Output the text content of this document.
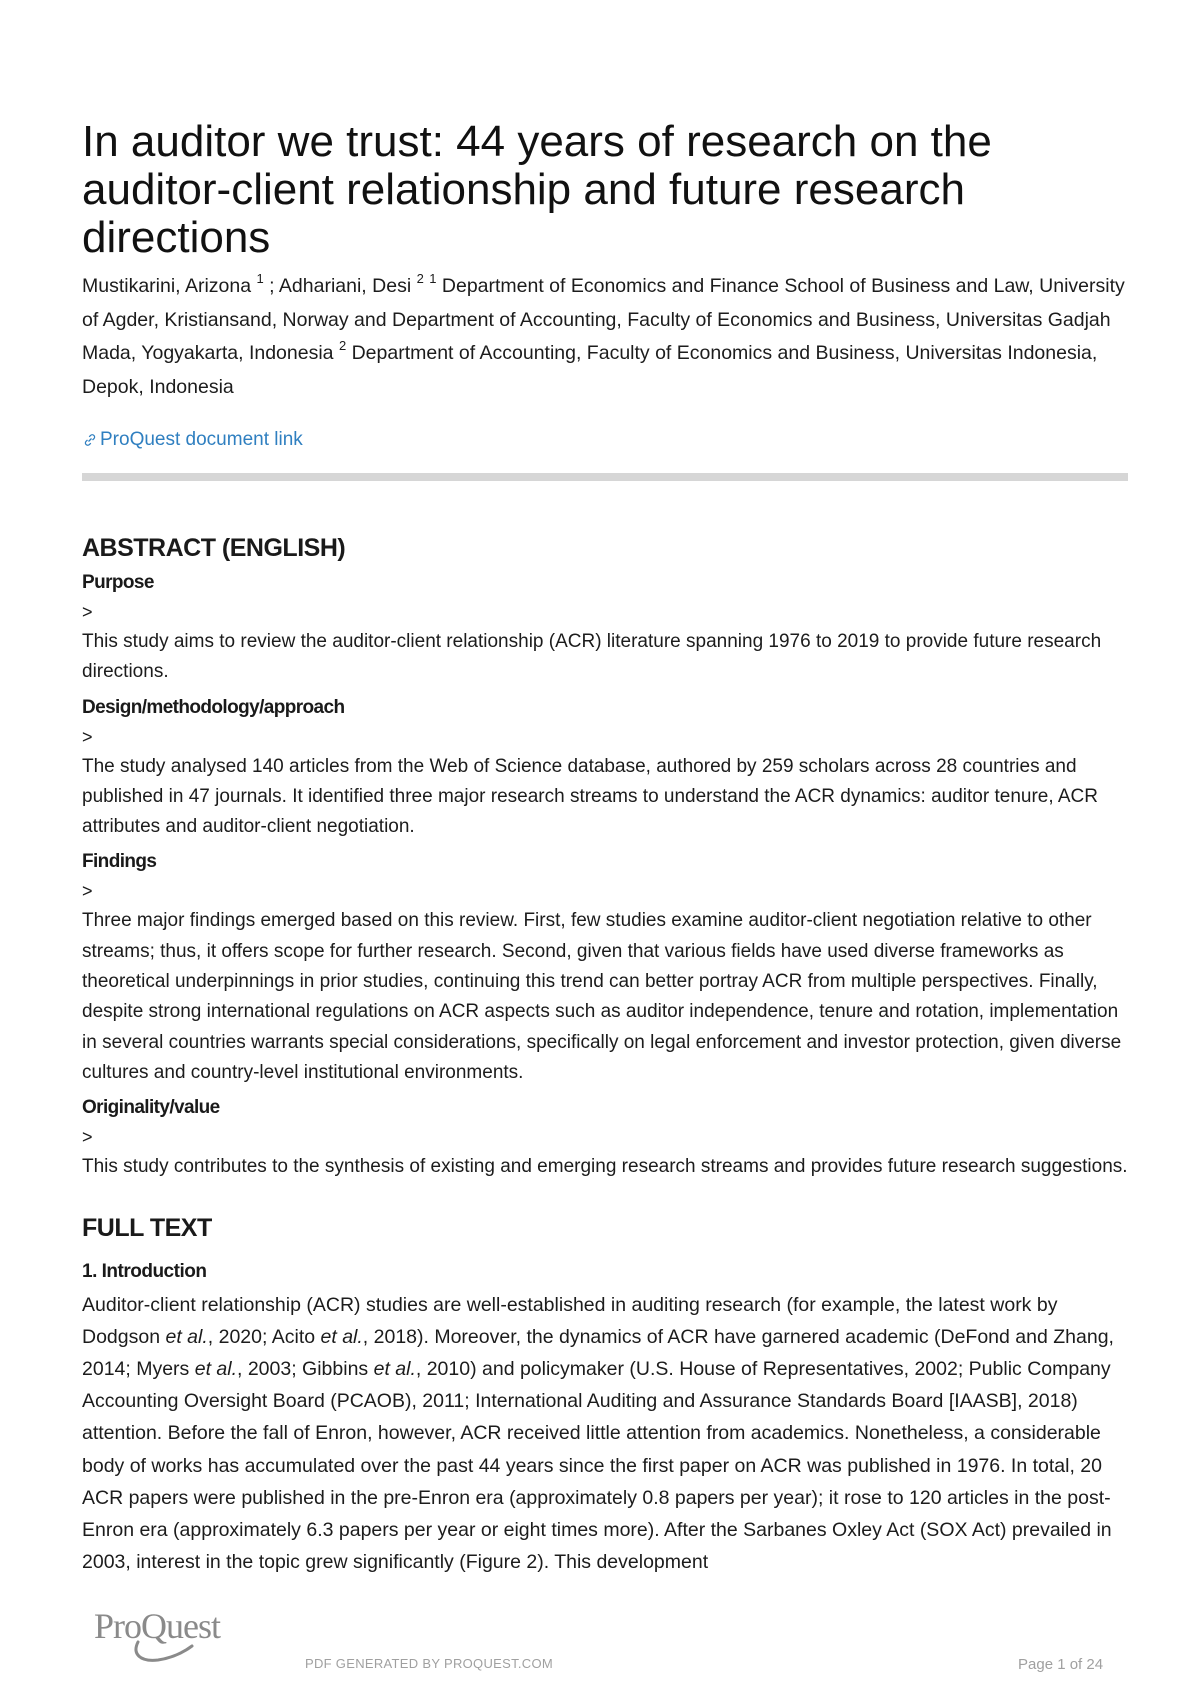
In auditor we trust: 44 years of research on the auditor-client relationship and future research directions
Mustikarini, Arizona $^1$ ; Adhariani, Desi $^2$ $^1$ Department of Economics and Finance School of Business and Law, University of Agder, Kristiansand, Norway and Department of Accounting, Faculty of Economics and Business, Universitas Gadjah Mada, Yogyakarta, Indonesia $^2$ Department of Accounting, Faculty of Economics and Business, Universitas Indonesia, Depok, Indonesia
ProQuest document link
ABSTRACT (ENGLISH)
Purpose
>

This study aims to review the auditor-client relationship (ACR) literature spanning 1976 to 2019 to provide future research directions.

Design/methodology/approach
>

The study analysed 140 articles from the Web of Science database, authored by 259 scholars across 28 countries and published in 47 journals. It identified three major research streams to understand the ACR dynamics: auditor tenure, ACR attributes and auditor-client negotiation.

Findings
>

Three major findings emerged based on this review. First, few studies examine auditor-client negotiation relative to other streams; thus, it offers scope for further research. Second, given that various fields have used diverse frameworks as theoretical underpinnings in prior studies, continuing this trend can better portray ACR from multiple perspectives. Finally, despite strong international regulations on ACR aspects such as auditor independence, tenure and rotation, implementation in several countries warrants special considerations, specifically on legal enforcement and investor protection, given diverse cultures and country-level institutional environments.

Originality/value
>

This study contributes to the synthesis of existing and emerging research streams and provides future research suggestions.

FULL TEXT
1. Introduction

Auditor-client relationship (ACR) studies are well-established in auditing research (for example, the latest work by Dodgson et al., 2020; Acito et al., 2018). Moreover, the dynamics of ACR have garnered academic (DeFond and Zhang, 2014; Myers et al., 2003; Gibbins et al., 2010) and policymaker (U.S. House of Representatives, 2002; Public Company Accounting Oversight Board (PCAOB), 2011; International Auditing and Assurance Standards Board [IAASB], 2018) attention. Before the fall of Enron, however, ACR received little attention from academics. Nonetheless, a considerable body of works has accumulated over the past 44 years since the first paper on ACR was published in 1976. In total, 20 ACR papers were published in the pre-Enron era (approximately 0.8 papers per year); it rose to 120 articles in the post-Enron era (approximately 6.3 papers per year or eight times more). After the Sarbanes Oxley Act (SOX Act) prevailed in 2003, interest in the topic grew significantly (Figure 2). This development

ProQuest
PDF GENERATED BY PROQUEST.COM	Page 1 of 24
